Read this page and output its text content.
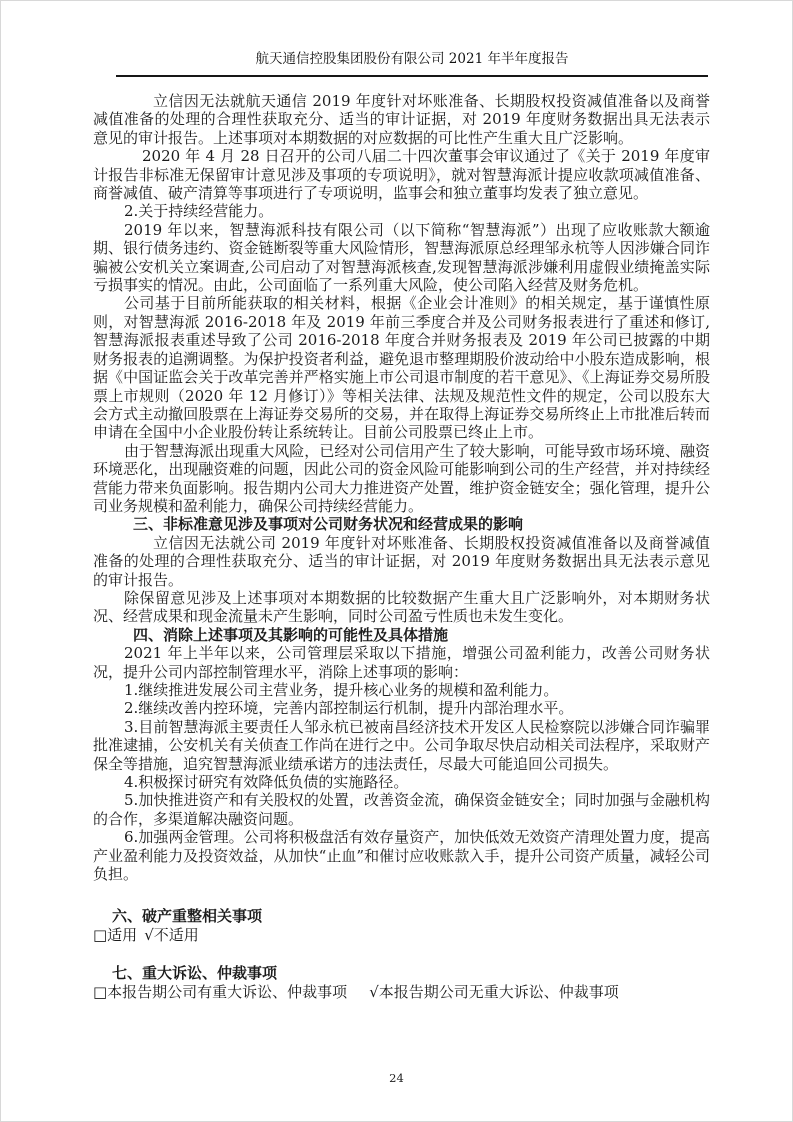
航天通信控股集团股份有限公司 2021 年半年度报告

立信因无法就航天通信 2019 年度针对坏账准备、长期股权投资减值准备以及商誉减值准备的处理的合理性获取充分、适当的审计证据，对 2019 年度财务数据出具无法表示意见的审计报告。上述事项对本期数据的对应数据的可比性产生重大且广泛影响。

2020 年 4 月 28 日召开的公司八届二十四次董事会审议通过了《关于 2019 年度审计报告非标准无保留审计意见涉及事项的专项说明》，就对智慧海派计提应收款项减值准备、商誉减值、破产清算等事项进行了专项说明，监事会和独立董事均发表了独立意见。

2.关于持续经营能力。

2019 年以来，智慧海派科技有限公司（以下简称“智慧海派”）出现了应收账款大额逾期、银行债务违约、资金链断裂等重大风险情形，智慧海派原总经理邹永杭等人因涉嫌合同诈骗被公安机关立案调查,公司启动了对智慧海派核查,发现智慧海派涉嫌利用虚假业绩掩盖实际亏损事实的情况。由此，公司面临了一系列重大风险，使公司陷入经营及财务危机。

公司基于目前所能获取的相关材料，根据《企业会计准则》的相关规定，基于谨慎性原则，对智慧海派 2016-2018 年及 2019 年前三季度合并及公司财务报表进行了重述和修订,智慧海派报表重述导致了公司 2016-2018 年度合并财务报表及 2019 年公司已披露的中期财务报表的追溯调整。为保护投资者利益，避免退市整理期股价波动给中小股东造成影响，根据《中国证监会关于改革完善并严格实施上市公司退市制度的若干意见》、《上海证券交易所股票上市规则（2020 年 12 月修订）》等相关法律、法规及规范性文件的规定，公司以股东大会方式主动撤回股票在上海证券交易所的交易，并在取得上海证券交易所终止上市批准后转而申请在全国中小企业股份转让系统转让。目前公司股票已终止上市。

由于智慧海派出现重大风险，已经对公司信用产生了较大影响，可能导致市场环境、融资环境恶化，出现融资难的问题，因此公司的资金风险可能影响到公司的生产经营，并对持续经营能力带来负面影响。报告期内公司大力推进资产处置，维护资金链安全；强化管理，提升公司业务规模和盈利能力，确保公司持续经营能力。

三、非标准意见涉及事项对公司财务状况和经营成果的影响

立信因无法就公司 2019 年度针对坏账准备、长期股权投资减值准备以及商誉减值准备的处理的合理性获取充分、适当的审计证据，对 2019 年度财务数据出具无法表示意见的审计报告。

除保留意见涉及上述事项对本期数据的比较数据产生重大且广泛影响外，对本期财务状况、经营成果和现金流量未产生影响，同时公司盈亏性质也未发生变化。

四、消除上述事项及其影响的可能性及具体措施

2021 年上半年以来，公司管理层采取以下措施，增强公司盈利能力，改善公司财务状况，提升公司内部控制管理水平，消除上述事项的影响：

1.继续推进发展公司主营业务，提升核心业务的规模和盈利能力。

2.继续改善内控环境，完善内部控制运行机制，提升内部治理水平。

3.目前智慧海派主要责任人邹永杭已被南昌经济技术开发区人民检察院以涉嫌合同诈骗罪批准逮捕，公安机关有关侦查工作尚在进行之中。公司争取尽快启动相关司法程序，采取财产保全等措施，追究智慧海派业绩承诺方的违法责任，尽最大可能追回公司损失。

4.积极探讨研究有效降低负债的实施路径。

5.加快推进资产和有关股权的处置，改善资金流，确保资金链安全；同时加强与金融机构的合作，多渠道解决融资问题。

6.加强两金管理。公司将积极盘活有效存量资产，加快低效无效资产清理处置力度，提高产业盈利能力及投资效益，从加快“止血”和催讨应收账款入手，提升公司资产质量，减轻公司负担。

六、破产重整相关事项

□适用 √不适用

七、重大诉讼、仲裁事项

□本报告期公司有重大诉讼、仲裁事项 √本报告期公司无重大诉讼、仲裁事项

24
